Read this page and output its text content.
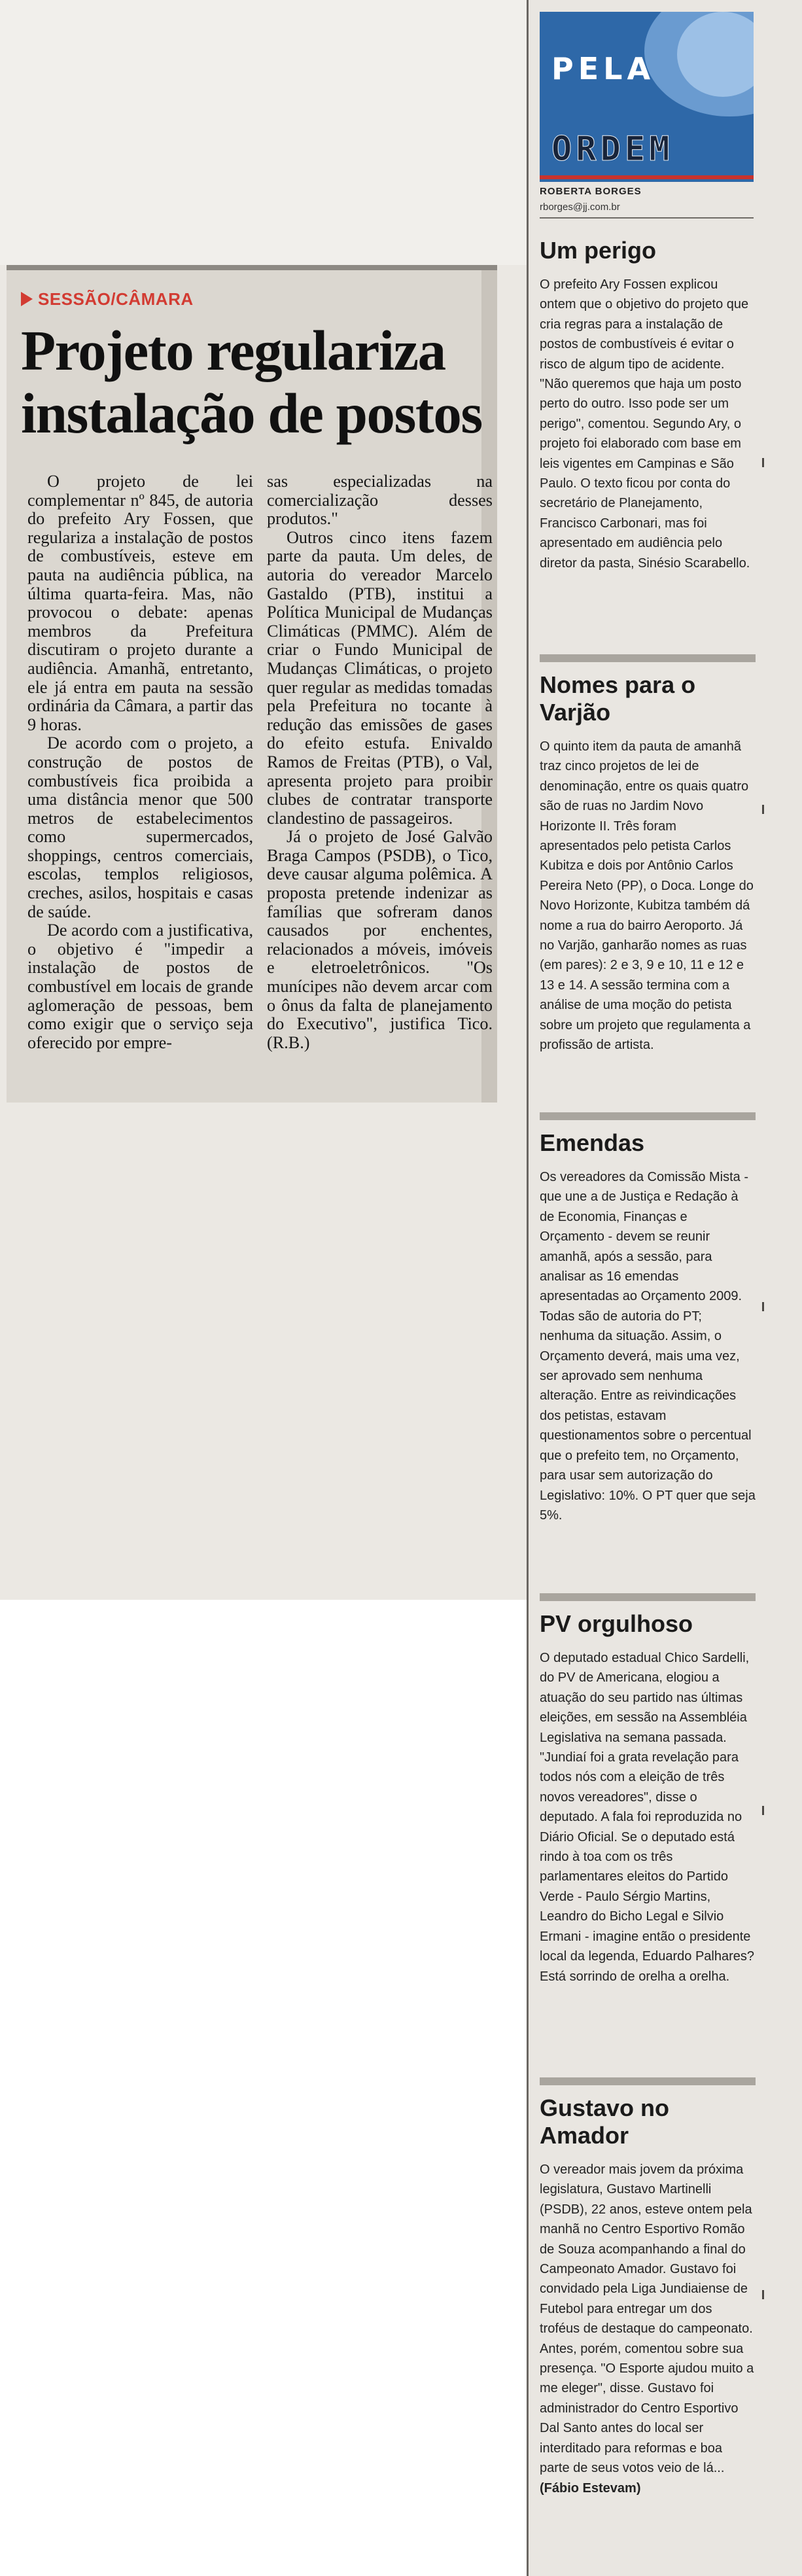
SESSÃO/CÂMARA
Projeto regulariza
instalação de postos

O projeto de lei complementar nº 845, de autoria do prefeito Ary Fossen, que regulariza a instalação de postos de combustíveis, esteve em pauta na audiência pública, na última quarta-feira. Mas, não provocou o debate: apenas membros da Prefeitura discutiram o projeto durante a audiência. Amanhã, entretanto, ele já entra em pauta na sessão ordinária da Câmara, a partir das 9 horas.

De acordo com o projeto, a construção de postos de combustíveis fica proibida a uma distância menor que 500 metros de estabelecimentos como supermercados, shoppings, centros comerciais, escolas, templos religiosos, creches, asilos, hospitais e casas de saúde.

De acordo com a justificativa, o objetivo é "impedir a instalação de postos de combustível em locais de grande aglomeração de pessoas, bem como exigir que o serviço seja oferecido por empre-

sas especializadas na comercialização desses produtos."

Outros cinco itens fazem parte da pauta. Um deles, de autoria do vereador Marcelo Gastaldo (PTB), institui a Política Municipal de Mudanças Climáticas (PMMC). Além de criar o Fundo Municipal de Mudanças Climáticas, o projeto quer regular as medidas tomadas pela Prefeitura no tocante à redução das emissões de gases do efeito estufa. Enivaldo Ramos de Freitas (PTB), o Val, apresenta projeto para proibir clubes de contratar transporte clandestino de passageiros.

Já o projeto de José Galvão Braga Campos (PSDB), o Tico, deve causar alguma polêmica. A proposta pretende indenizar as famílias que sofreram danos causados por enchentes, relacionados a móveis, imóveis e eletroeletrônicos. "Os munícipes não devem arcar com o ônus da falta de planejamento do Executivo", justifica Tico. (R.B.)

PELA
ORDEM
ROBERTA BORGES
rborges@jj.com.br
Um perigo

O prefeito Ary Fossen explicou ontem que o objetivo do projeto que cria regras para a instalação de postos de combustíveis é evitar o risco de algum tipo de acidente. "Não queremos que haja um posto perto do outro. Isso pode ser um perigo", comentou. Segundo Ary, o projeto foi elaborado com base em leis vigentes em Campinas e São Paulo. O texto ficou por conta do secretário de Planejamento, Francisco Carbonari, mas foi apresentado em audiência pelo diretor da pasta, Sinésio Scarabello.

Nomes para o Varjão

O quinto item da pauta de amanhã traz cinco projetos de lei de denominação, entre os quais quatro são de ruas no Jardim Novo Horizonte II. Três foram apresentados pelo petista Carlos Kubitza e dois por Antônio Carlos Pereira Neto (PP), o Doca. Longe do Novo Horizonte, Kubitza também dá nome a rua do bairro Aeroporto. Já no Varjão, ganharão nomes as ruas (em pares): 2 e 3, 9 e 10, 11 e 12 e 13 e 14. A sessão termina com a análise de uma moção do petista sobre um projeto que regulamenta a profissão de artista.

Emendas

Os vereadores da Comissão Mista - que une a de Justiça e Redação à de Economia, Finanças e Orçamento - devem se reunir amanhã, após a sessão, para analisar as 16 emendas apresentadas ao Orçamento 2009. Todas são de autoria do PT; nenhuma da situação. Assim, o Orçamento deverá, mais uma vez, ser aprovado sem nenhuma alteração. Entre as reivindicações dos petistas, estavam questionamentos sobre o percentual que o prefeito tem, no Orçamento, para usar sem autorização do Legislativo: 10%. O PT quer que seja 5%.

PV orgulhoso

O deputado estadual Chico Sardelli, do PV de Americana, elogiou a atuação do seu partido nas últimas eleições, em sessão na Assembléia Legislativa na semana passada. "Jundiaí foi a grata revelação para todos nós com a eleição de três novos vereadores", disse o deputado. A fala foi reproduzida no Diário Oficial. Se o deputado está rindo à toa com os três parlamentares eleitos do Partido Verde - Paulo Sérgio Martins, Leandro do Bicho Legal e Silvio Ermani - imagine então o presidente local da legenda, Eduardo Palhares? Está sorrindo de orelha a orelha.

Gustavo no Amador

O vereador mais jovem da próxima legislatura, Gustavo Martinelli (PSDB), 22 anos, esteve ontem pela manhã no Centro Esportivo Romão de Souza acompanhando a final do Campeonato Amador. Gustavo foi convidado pela Liga Jundiaiense de Futebol para entregar um dos troféus de destaque do campeonato. Antes, porém, comentou sobre sua presença. "O Esporte ajudou muito a me eleger", disse. Gustavo foi administrador do Centro Esportivo Dal Santo antes do local ser interditado para reformas e boa parte de seus votos veio de lá... (Fábio Estevam)
